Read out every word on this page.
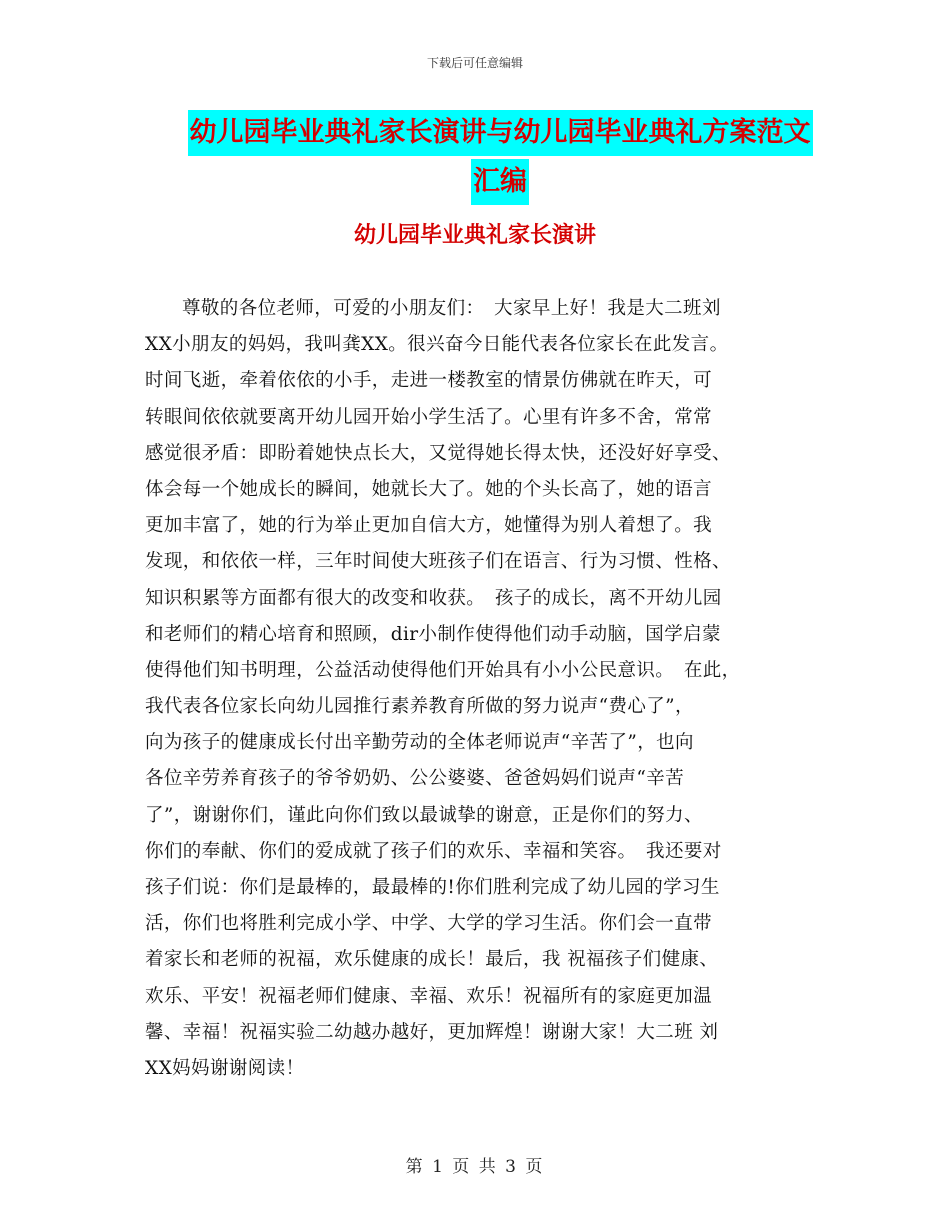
下载后可任意编辑
幼儿园毕业典礼家长演讲与幼儿园毕业典礼方案范文
汇编
幼儿园毕业典礼家长演讲
尊敬的各位老师，可爱的小朋友们：　大家早上好！我是大二班刘
XX小朋友的妈妈，我叫龚XX。很兴奋今日能代表各位家长在此发言。
时间飞逝，牵着依依的小手，走进一楼教室的情景仿佛就在昨天，可
转眼间依依就要离开幼儿园开始小学生活了。心里有许多不舍，常常
感觉很矛盾：即盼着她快点长大，又觉得她长得太快，还没好好享受、
体会每一个她成长的瞬间，她就长大了。她的个头长高了，她的语言
更加丰富了，她的行为举止更加自信大方，她懂得为别人着想了。我
发现，和依依一样，三年时间使大班孩子们在语言、行为习惯、性格、
知识积累等方面都有很大的改变和收获。　孩子的成长，离不开幼儿园
和老师们的精心培育和照顾，dir小制作使得他们动手动脑，国学启蒙
使得他们知书明理，公益活动使得他们开始具有小小公民意识。　在此，
我代表各位家长向幼儿园推行素养教育所做的努力说声“费心了”，
向为孩子的健康成长付出辛勤劳动的全体老师说声“辛苦了”，也向
各位辛劳养育孩子的爷爷奶奶、公公婆婆、爸爸妈妈们说声“辛苦
了”，谢谢你们，谨此向你们致以最诚挚的谢意，正是你们的努力、
你们的奉献、你们的爱成就了孩子们的欢乐、幸福和笑容。　我还要对
孩子们说：你们是最棒的，最最棒的!你们胜利完成了幼儿园的学习生
活，你们也将胜利完成小学、中学、大学的学习生活。你们会一直带
着家长和老师的祝福，欢乐健康的成长！最后，我 祝福孩子们健康、
欢乐、平安！祝福老师们健康、幸福、欢乐！祝福所有的家庭更加温
馨、幸福！祝福实验二幼越办越好，更加辉煌！谢谢大家！大二班 刘
XX妈妈谢谢阅读！
第 1 页 共 3 页
